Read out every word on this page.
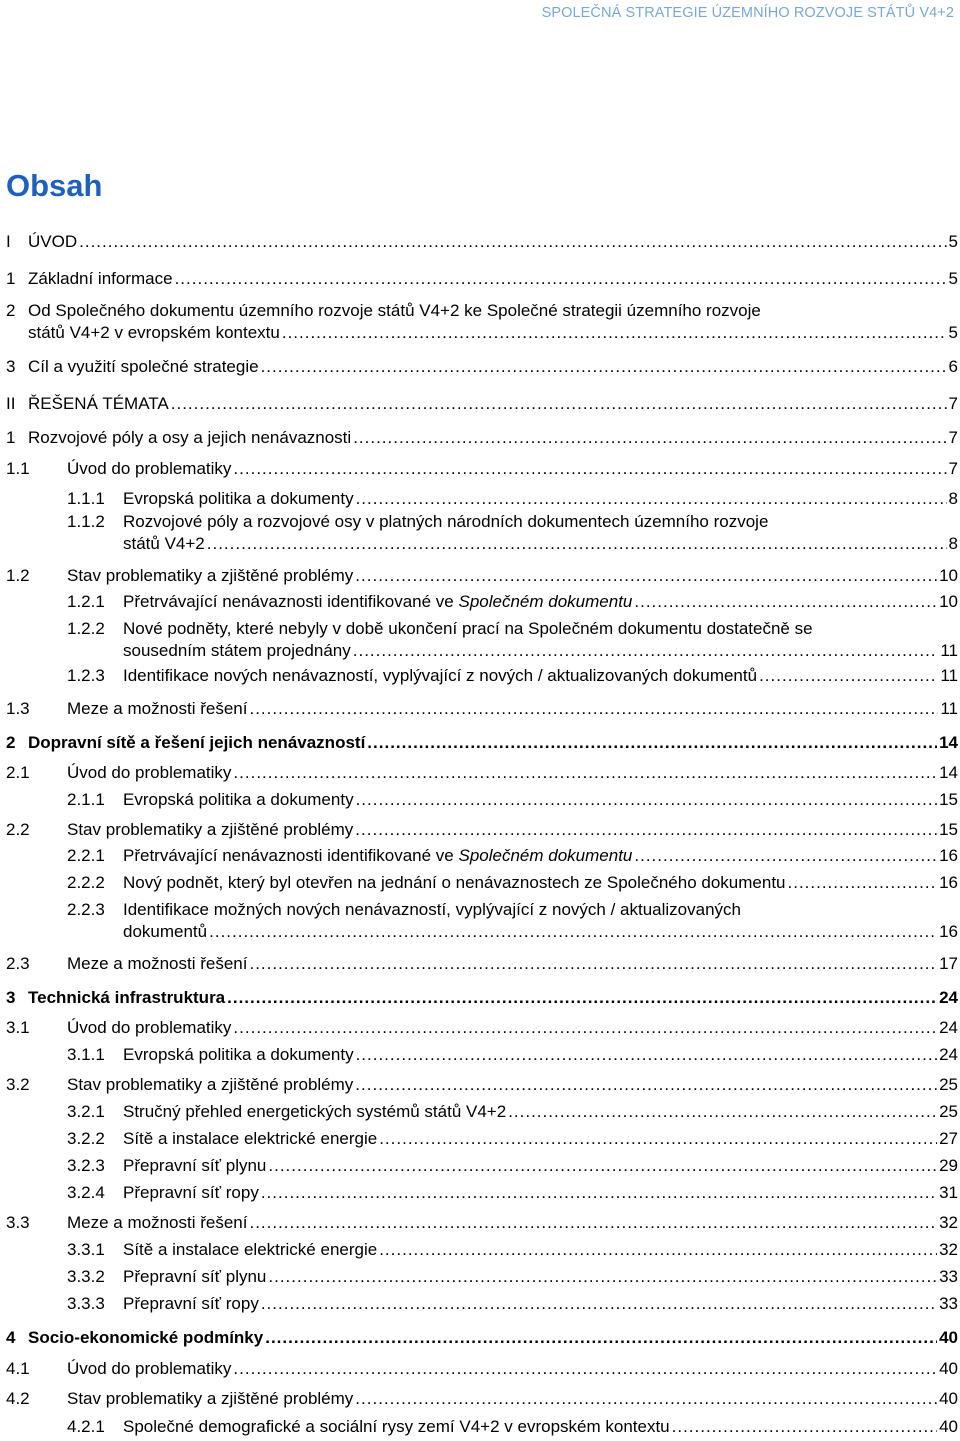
SPOLEČNÁ STRATEGIE ÚZEMNÍHO ROZVOJE STÁTŮ V4+2
Obsah
I ÚVOD .....	5
1 Základní informace .....	5
2 Od Společného dokumentu územního rozvoje států V4+2 ke Společné strategii územního rozvoje
států V4+2 v evropském kontextu .....	5
3 Cíl a využití společné strategie .....	6
II ŘEŠENÁ TÉMATA .....	7
1 Rozvojové póly a osy a jejich nenávaznosti .....	7
1.1 Úvod do problematiky .....	7
1.1.1 Evropská politika a dokumenty .....	8
1.1.2 Rozvojové póly a rozvojové osy v platných národních dokumentech územního rozvoje
států V4+2 .....	8
1.2 Stav problematiky a zjištěné problémy .....	10
1.2.1 Přetrvávající nenávaznosti identifikované ve
Společném dokumentu .....	10
1.2.2 Nové podněty, které nebyly v době ukončení prací na Společném dokumentu dostatečně se
sousedním státem projednány .....	11
1.2.3 Identifikace nových nenávazností, vyplývající z nových / aktualizovaných dokumentů .....	11
1.3 Meze a možnosti řešení .....	11
2 Dopravní sítě a řešení jejich nenávazností .....	14
2.1 Úvod do problematiky .....	14
2.1.1 Evropská politika a dokumenty .....	15
2.2 Stav problematiky a zjištěné problémy .....	15
2.2.1 Přetrvávající nenávaznosti identifikované ve
Společném dokumentu .....	16
2.2.2 Nový podnět, který byl otevřen na jednání o nenávaznostech ze Společného dokumentu .....	16
2.2.3 Identifikace možných nových nenávazností, vyplývající z nových / aktualizovaných
dokumentů .....	16
2.3 Meze a možnosti řešení .....	17
3 Technická infrastruktura .....	24
3.1 Úvod do problematiky .....	24
3.1.1 Evropská politika a dokumenty .....	24
3.2 Stav problematiky a zjištěné problémy .....	25
3.2.1 Stručný přehled energetických systémů států V4+2 .....	25
3.2.2 Sítě a instalace elektrické energie .....	27
3.2.3 Přepravní síť plynu .....	29
3.2.4 Přepravní síť ropy .....	31
3.3 Meze a možnosti řešení .....	32
3.3.1 Sítě a instalace elektrické energie .....	32
3.3.2 Přepravní síť plynu .....	33
3.3.3 Přepravní síť ropy .....	33
4 Socio-ekonomické podmínky .....	40
4.1 Úvod do problematiky .....	40
4.2 Stav problematiky a zjištěné problémy .....	40
4.2.1 Společné demografické a sociální rysy zemí V4+2 v evropském kontextu .....	40
